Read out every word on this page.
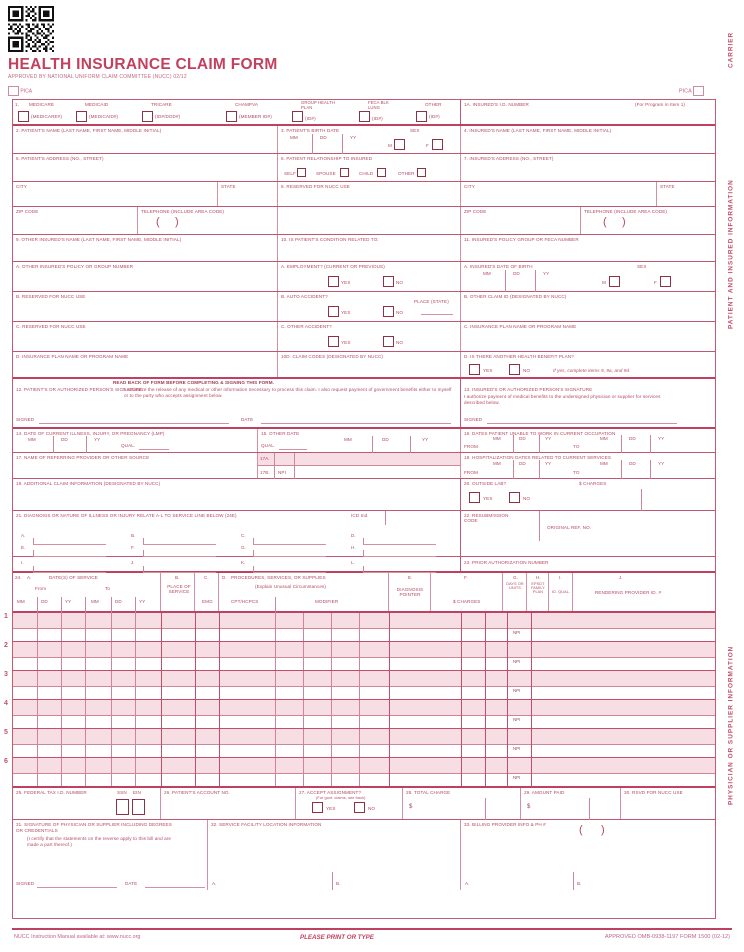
HEALTH INSURANCE CLAIM FORM
APPROVED BY NATIONAL UNIFORM CLAIM COMMITTEE (NUCC) 02/12
PICA	PICA
CARRIER
PATIENT AND INSURED INFORMATION
PHYSICIAN OR SUPPLIER INFORMATION
1. MEDICARE
(MEDICARE#)
MEDICAID
(MEDICAID#)
TRICARE
(ID#/DOD#)
CHAMPVA
(MEMBER ID#)
GROUP HEALTH PLAN
(ID#)
FECA BLK LUNG
(ID#)
OTHER
(ID#)
1A. INSURED'S I.D. NUMBER	(For Program in Item 1)
2. PATIENT'S NAME (LAST NAME, FIRST NAME, MIDDLE INITIAL)	3. PATIENT'S BIRTH DATE
MM	DD	YY
SEX
M	F
4. INSURED'S NAME (LAST NAME, FIRST NAME, MIDDLE INITIAL)
5. PATIENT'S ADDRESS (NO., STREET)	6. PATIENT RELATIONSHIP TO INSURED
SELF	SPOUSE	CHILD	OTHER
7. INSURED'S ADDRESS (NO., STREET)
CITY	STATE	8. RESERVED FOR NUCC USE	CITY	STATE
ZIP CODE	TELEPHONE (INCLUDE AREA CODE)
(     )
ZIP CODE	TELEPHONE (INCLUDE AREA CODE)
(     )
9. OTHER INSURED'S NAME (LAST NAME, FIRST NAME, MIDDLE INITIAL)	10. IS PATIENT'S CONDITION RELATED TO:	11. INSURED'S POLICY GROUP OR FECA NUMBER
A. OTHER INSURED'S POLICY OR GROUP NUMBER	A. EMPLOYMENT? (CURRENT OR PREVIOUS)
YES	NO
A. INSURED'S DATE OF BIRTH
MM	DD	YY
SEX
M	F
B. RESERVED FOR NUCC USE	B. AUTO ACCIDENT?
YES	NO
PLACE (STATE)
B. OTHER CLAIM ID (DESIGNATED BY NUCC)
C. RESERVED FOR NUCC USE	C. OTHER ACCIDENT?
YES	NO
C. INSURANCE PLAN NAME OR PROGRAM NAME
D. INSURANCE PLAN NAME OR PROGRAM NAME	10D. CLAIM CODES (DESIGNATED BY NUCC)	D. IS THERE ANOTHER HEALTH BENEFIT PLAN?
YES	NO	If yes, complete items 9, 9a, and 9d.
READ BACK OF FORM BEFORE COMPLETING & SIGNING THIS FORM.
12. PATIENT'S OR AUTHORIZED PERSON'S SIGNATURE
I authorize the release of any medical or other information necessary to process this claim. I also request payment of government benefits either to myself or to the party who accepts assignment below.
SIGNED	DATE
13. INSURED'S OR AUTHORIZED PERSON'S SIGNATURE
I authorize payment of medical benefits to the undersigned physician or supplier for services described below.
SIGNED
14. DATE OF CURRENT ILLNESS, INJURY, OR PREGNANCY (LMP)
MM	DD	YY
QUAL.
15. OTHER DATE
QUAL.
MM	DD	YY
16. DATES PATIENT UNABLE TO WORK IN CURRENT OCCUPATION
MM	DD	YY
FROM
MM	DD	YY
TO
17. NAME OF REFERRING PROVIDER OR OTHER SOURCE	17A.
17B. NPI
18. HOSPITALIZATION DATES RELATED TO CURRENT SERVICES
MM	DD	YY
FROM
MM	DD	YY
TO
19. ADDITIONAL CLAIM INFORMATION (DESIGNATED BY NUCC)	20. OUTSIDE LAB?	$ CHARGES
YES	NO
21. DIAGNOSIS OR NATURE OF ILLNESS OR INJURY RELATE A-L TO SERVICE LINE BELOW (24E)	ICD Ind.
A.	B.	C.	D.
E.	F.	G.	H.
22. RESUBMISSION CODE
ORIGINAL REF. NO.
I.	J.	K.	L.	23. PRIOR AUTHORIZATION NUMBER
24. A.	DATE(S) OF SERVICE
From	To
MM	DD	YY	MM	DD	YY
B.
PLACE OF SERVICE
C.
EMG
D. PROCEDURES, SERVICES, OR SUPPLIES
(Explain Unusual Circumstances)
CPT/HCPCS	MODIFIER
E.
DIAGNOSIS POINTER
F.
$ CHARGES
G.
DAYS OR UNITS
H.
EPSDT FAMILY PLAN
I.
ID. QUAL.
J.
RENDERING PROVIDER ID. #
1
NPI
2
NPI
3
NPI
4
NPI
5
NPI
6
NPI
25. FEDERAL TAX I.D. NUMBER	SSN EIN	26. PATIENT'S ACCOUNT NO.	27. ACCEPT ASSIGNMENT?
(For govt. claims, see back)
YES	NO
28. TOTAL CHARGE
$
29. AMOUNT PAID
$
30. RSVD FOR NUCC USE
31. SIGNATURE OF PHYSICIAN OR SUPPLIER INCLUDING DEGREES OR CREDENTIALS
(I certify that the statements on the reverse apply to this bill and are made a part thereof.)
32. SERVICE FACILITY LOCATION INFORMATION	33. BILLING PROVIDER INFO & PH #	(      )
SIGNED	DATE	A.	B.	A.	B.
NUCC Instruction Manual available at: www.nucc.org	PLEASE PRINT OR TYPE	APPROVED OMB-0938-1197 FORM 1500 (02-12)
